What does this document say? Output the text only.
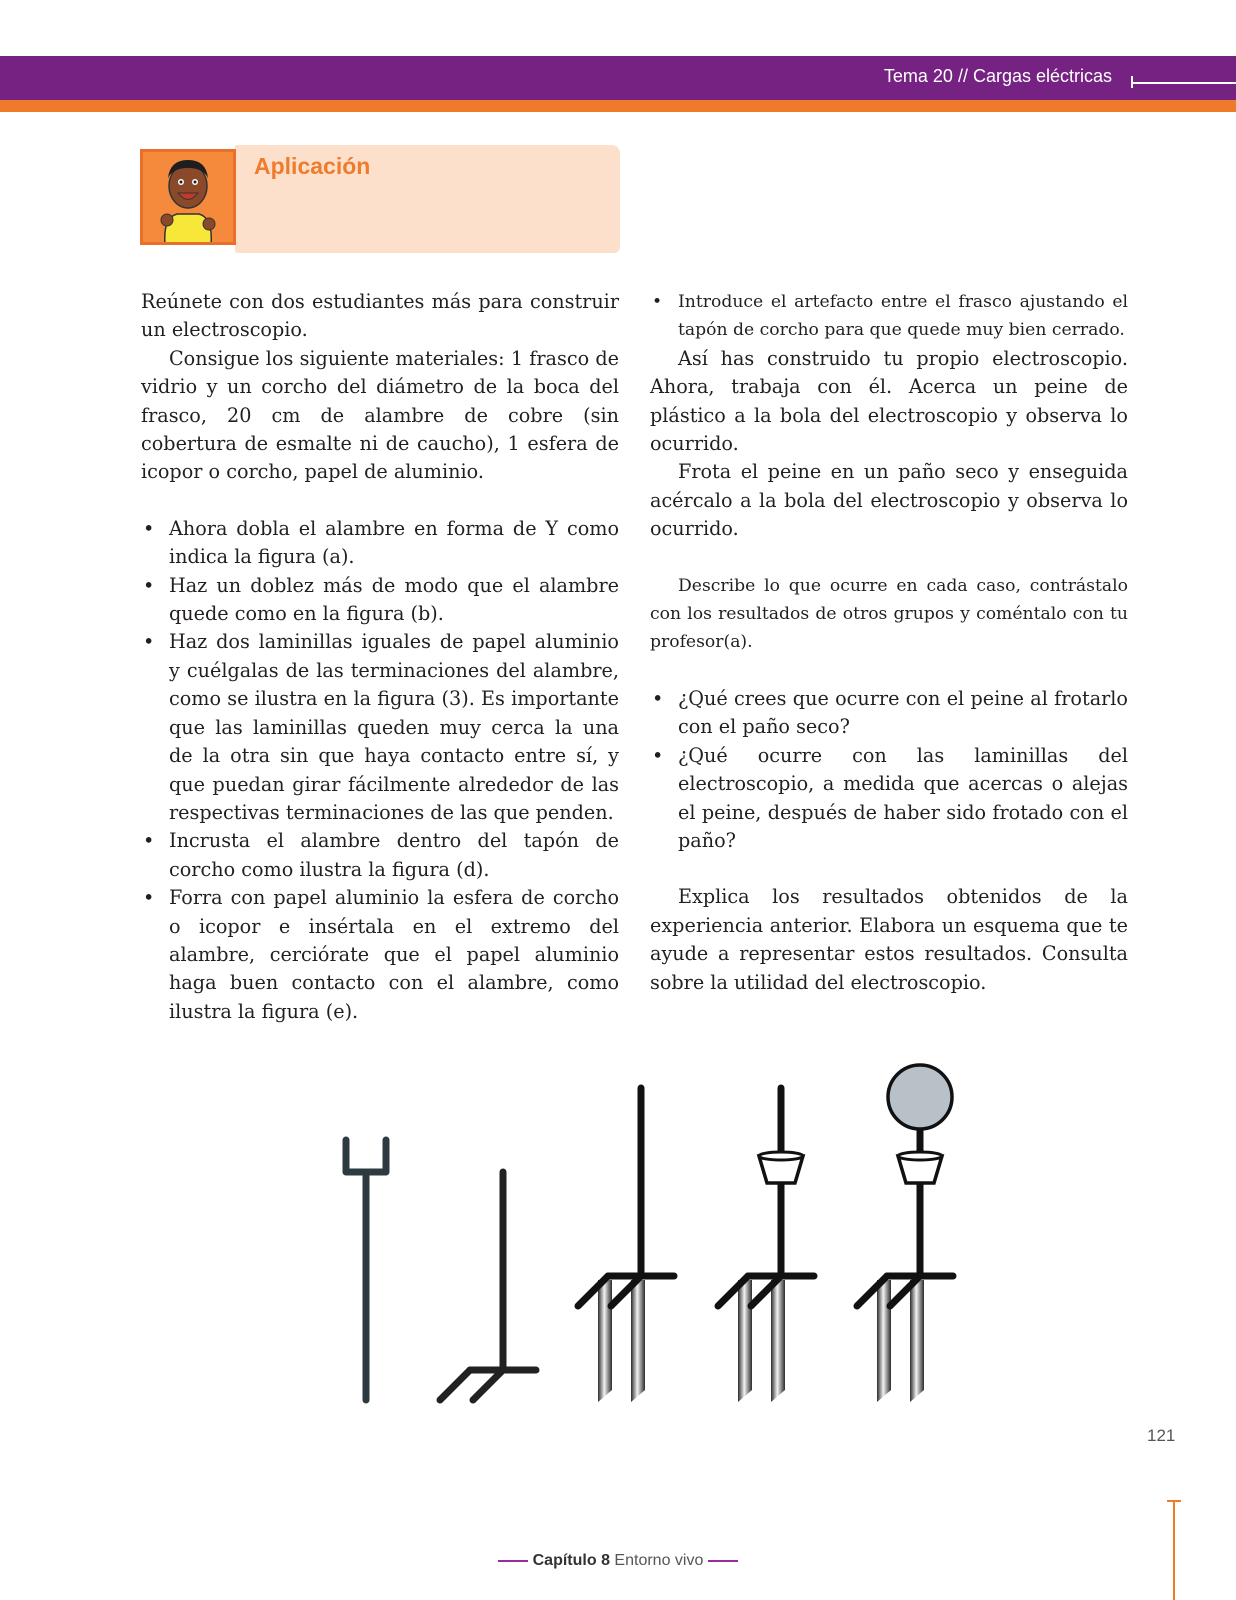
Tema 20 // Cargas eléctricas
Aplicación

Reúnete con dos estudiantes más para construir un electroscopio.

Consigue los siguiente materiales: 1 frasco de vidrio y un corcho del diámetro de la boca del frasco, 20 cm de alambre de cobre (sin cobertura de esmalte ni de caucho), 1 esfera de icopor o corcho, papel de aluminio.

• Ahora dobla el alambre en forma de Y como indica la figura (a).
• Haz un doblez más de modo que el alambre quede como en la figura (b).
• Haz dos laminillas iguales de papel aluminio y cuélgalas de las terminaciones del alambre, como se ilustra en la figura (3). Es importante que las laminillas queden muy cerca la una de la otra sin que haya contacto entre sí, y que puedan girar fácilmente alrededor de las respectivas terminaciones de las que penden.
• Incrusta el alambre dentro del tapón de corcho como ilustra la figura (d).
• Forra con papel aluminio la esfera de corcho o icopor e insértala en el extremo del alambre, cerciórate que el papel aluminio haga buen contacto con el alambre, como ilustra la figura (e).
• Introduce el artefacto entre el frasco ajustando el tapón de corcho para que quede muy bien cerrado.

Así has construido tu propio electroscopio. Ahora, trabaja con él. Acerca un peine de plástico a la bola del electroscopio y observa lo ocurrido.

Frota el peine en un paño seco y enseguida acércalo a la bola del electroscopio y observa lo ocurrido.

Describe lo que ocurre en cada caso, contrástalo con los resultados de otros grupos y coméntalo con tu profesor(a).

• ¿Qué crees que ocurre con el peine al frotarlo con el paño seco?
• ¿Qué ocurre con las laminillas del electroscopio, a medida que acercas o alejas el peine, después de haber sido frotado con el paño?

Explica los resultados obtenidos de la experiencia anterior. Elabora un esquema que te ayude a representar estos resultados. Consulta sobre la utilidad del electroscopio.

121
Capítulo 8 Entorno vivo
